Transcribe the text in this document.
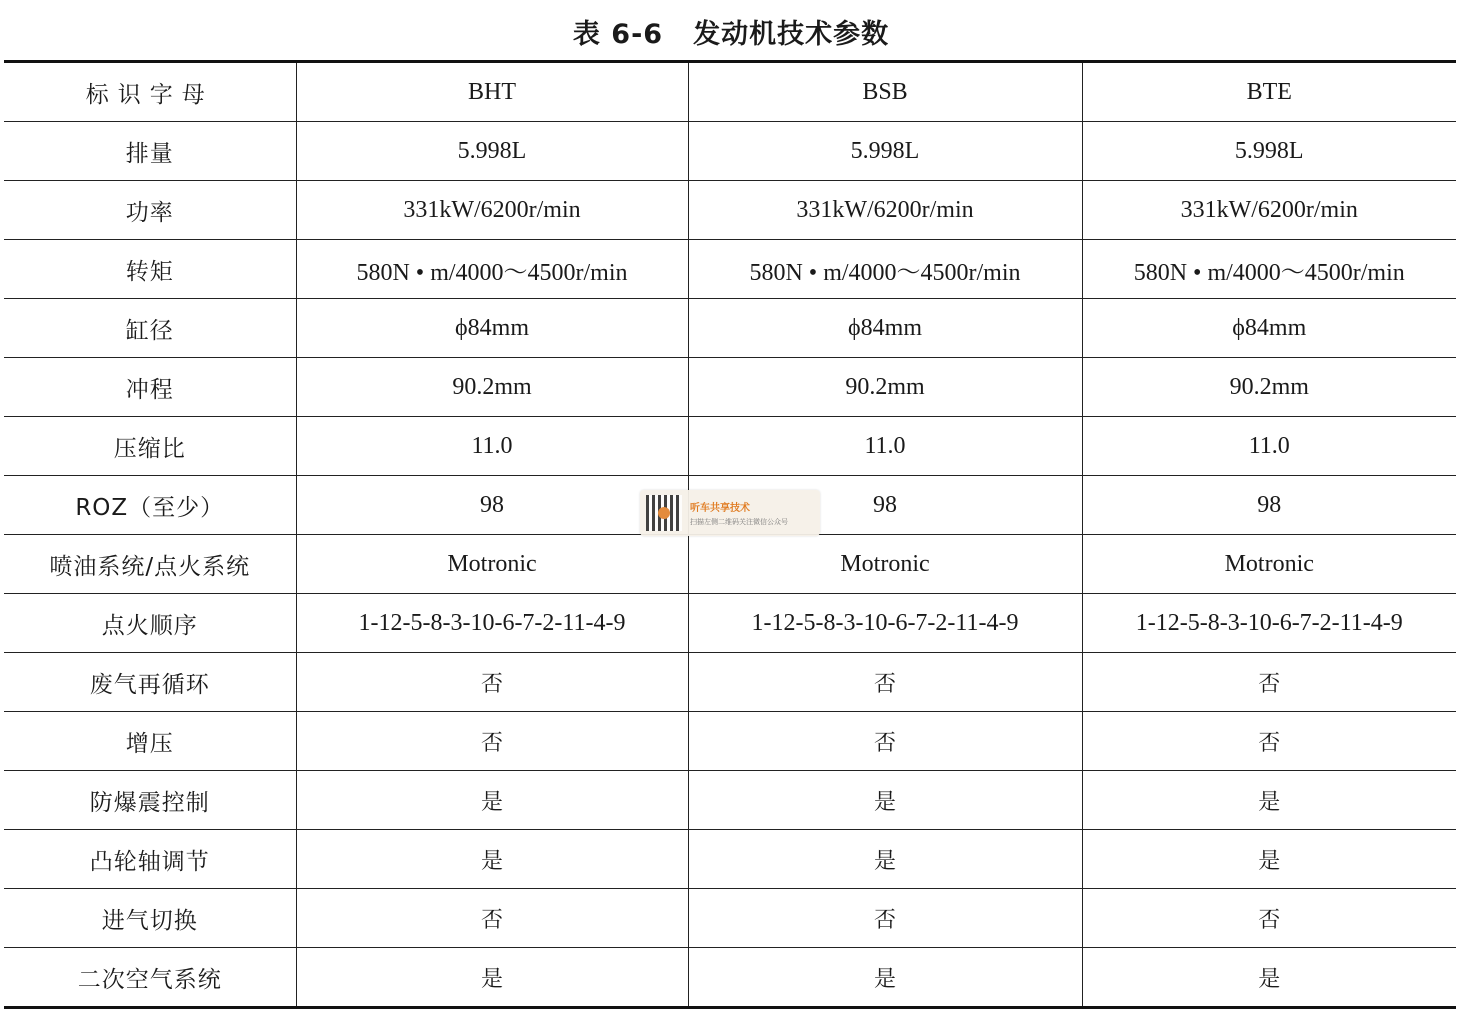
表 6-6 发动机技术参数
标识字母	BHT	BSB	BTE
排量	5.998L	5.998L	5.998L
功率	331kW/6200r/min	331kW/6200r/min	331kW/6200r/min
转矩	580N • m/4000～4500r/min	580N • m/4000～4500r/min	580N • m/4000～4500r/min
缸径	ϕ84mm	ϕ84mm	ϕ84mm
冲程	90.2mm	90.2mm	90.2mm
压缩比	11.0	11.0	11.0
ROZ（至少）	98	98	98
喷油系统/点火系统	Motronic	Motronic	Motronic
点火顺序	1-12-5-8-3-10-6-7-2-11-4-9	1-12-5-8-3-10-6-7-2-11-4-9	1-12-5-8-3-10-6-7-2-11-4-9
废气再循环	否	否	否
增压	否	否	否
防爆震控制	是	是	是
凸轮轴调节	是	是	是
进气切换	否	否	否
二次空气系统	是	是	是
听车共享技术
扫描左侧二维码关注微信公众号
